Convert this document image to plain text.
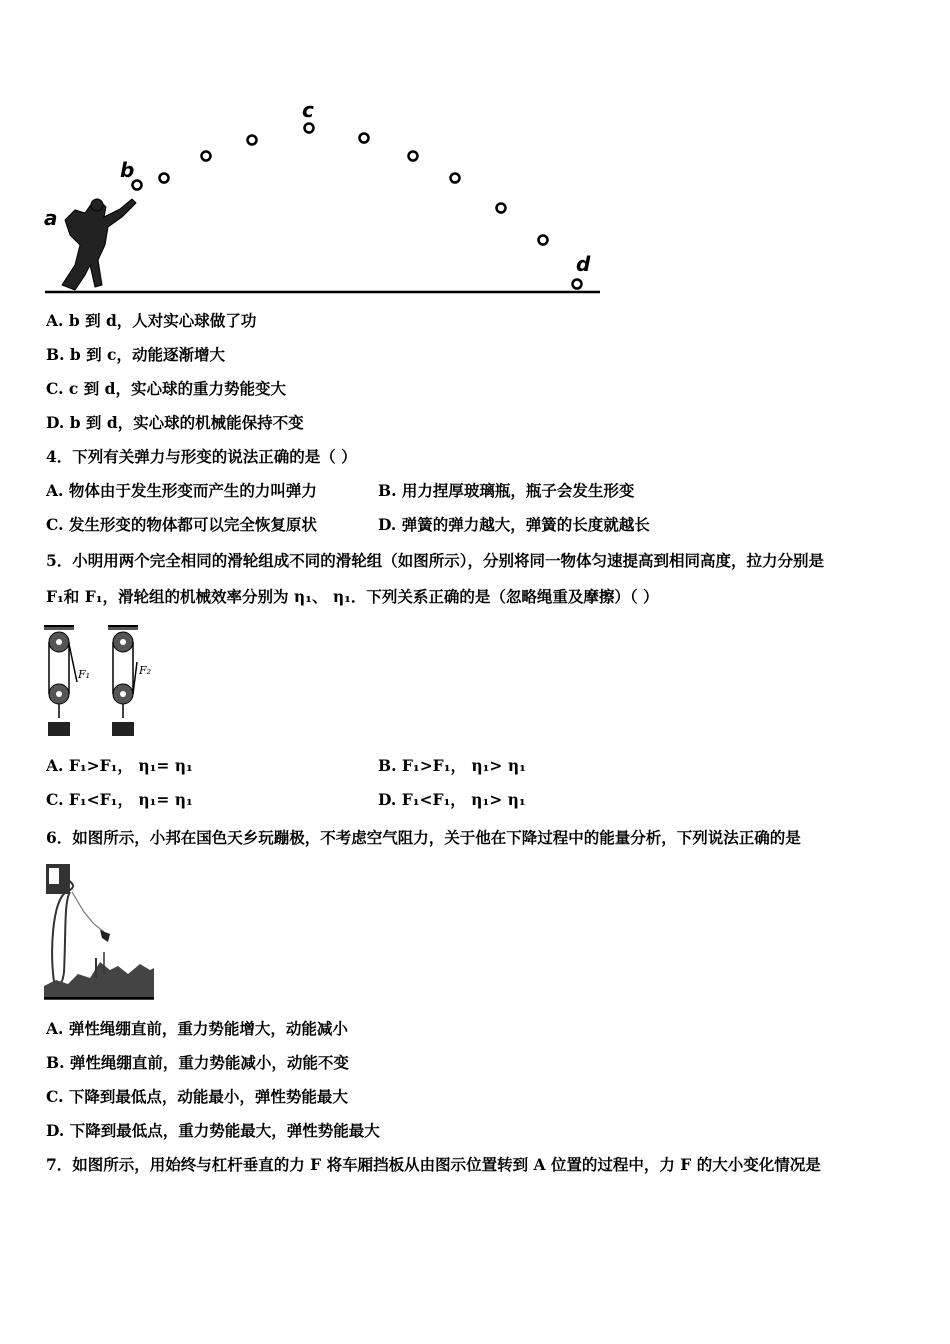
a
b
c
d
A. b 到 d，人对实心球做了功
B. b 到 c，动能逐渐增大
C. c 到 d，实心球的重力势能变大
D. b 到 d，实心球的机械能保持不变
4．下列有关弹力与形变的说法正确的是（ ）
A. 物体由于发生形变而产生的力叫弹力	B. 用力捏厚玻璃瓶，瓶子会发生形变
C. 发生形变的物体都可以完全恢复原状	D. 弹簧的弹力越大，弹簧的长度就越长
5．小明用两个完全相同的滑轮组成不同的滑轮组（如图所示），分别将同一物体匀速提高到相同高度，拉力分别是
F₁和 F₁，滑轮组的机械效率分别为 η₁、 η₁．下列关系正确的是（忽略绳重及摩擦）（ ）
F₁	F₂
A. F₁>F₁， η₁= η₁	B. F₁>F₁， η₁> η₁
C. F₁<F₁， η₁= η₁	D. F₁<F₁， η₁> η₁
6．如图所示，小邦在国色天乡玩蹦极，不考虑空气阻力，关于他在下降过程中的能量分析，下列说法正确的是
A. 弹性绳绷直前，重力势能增大，动能减小
B. 弹性绳绷直前，重力势能减小，动能不变
C. 下降到最低点，动能最小，弹性势能最大
D. 下降到最低点，重力势能最大，弹性势能最大
7．如图所示，用始终与杠杆垂直的力 F 将车厢挡板从由图示位置转到 A 位置的过程中，力 F 的大小变化情况是
